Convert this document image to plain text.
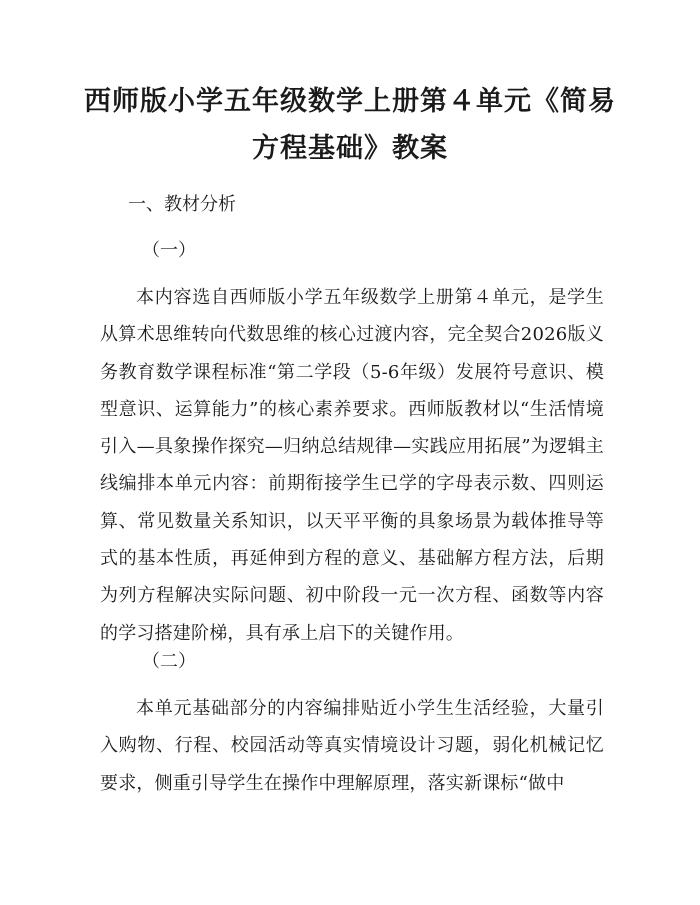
西师版小学五年级数学上册第４单元《简易
方程基础》教案
一、教材分析
（一）
本内容选自西师版小学五年级数学上册第４单元，是学生从算术思维转向代数思维的核心过渡内容，完全契合2026版义务教育数学课程标准“第二学段（5-6年级）发展符号意识、模型意识、运算能力”的核心素养要求。西师版教材以“生活情境引入—具象操作探究—归纳总结规律—实践应用拓展”为逻辑主线编排本单元内容：前期衔接学生已学的字母表示数、四则运算、常见数量关系知识，以天平平衡的具象场景为载体推导等式的基本性质，再延伸到方程的意义、基础解方程方法，后期为列方程解决实际问题、初中阶段一元一次方程、函数等内容的学习搭建阶梯，具有承上启下的关键作用。
（二）
本单元基础部分的内容编排贴近小学生生活经验，大量引入购物、行程、校园活动等真实情境设计习题，弱化机械记忆要求，侧重引导学生在操作中理解原理，落实新课标“做中
